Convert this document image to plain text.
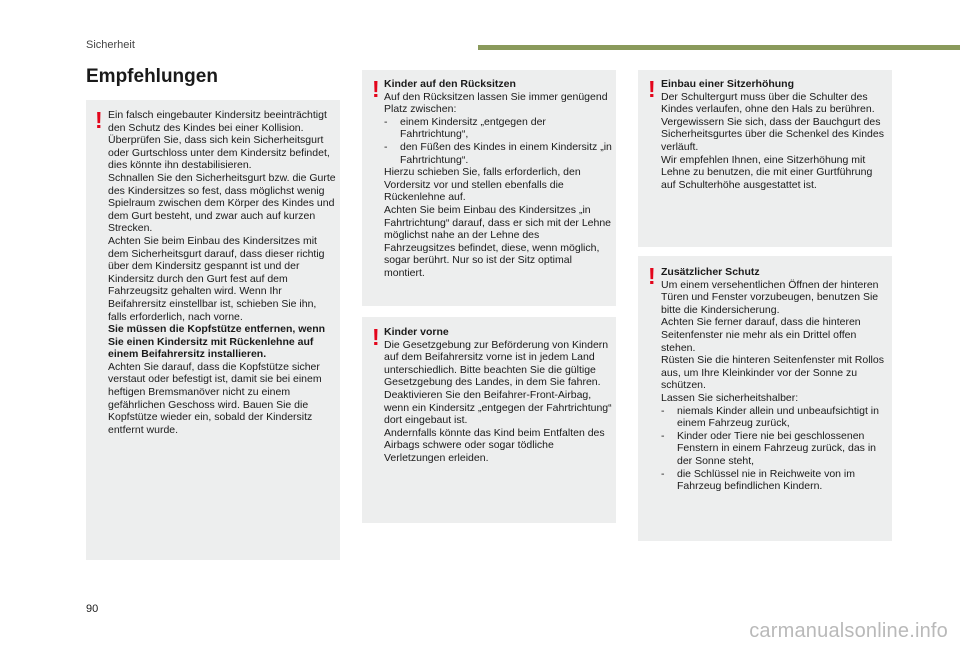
Sicherheit
Empfehlungen
! Ein falsch eingebauter Kindersitz beeinträchtigt den Schutz des Kindes bei einer Kollision.

Überprüfen Sie, dass sich kein Sicherheitsgurt oder Gurtschloss unter dem Kindersitz befindet, dies könnte ihn destabilisieren.

Schnallen Sie den Sicherheitsgurt bzw. die Gurte des Kindersitzes so fest, dass möglichst wenig Spielraum zwischen dem Körper des Kindes und dem Gurt besteht, und zwar auch auf kurzen Strecken.

Achten Sie beim Einbau des Kindersitzes mit dem Sicherheitsgurt darauf, dass dieser richtig über dem Kindersitz gespannt ist und der Kindersitz durch den Gurt fest auf dem Fahrzeugsitz gehalten wird. Wenn Ihr Beifahrersitz einstellbar ist, schieben Sie ihn, falls erforderlich, nach vorne.

Sie müssen die Kopfstütze entfernen, wenn Sie einen Kindersitz mit Rückenlehne auf einem Beifahrersitz installieren.

Achten Sie darauf, dass die Kopfstütze sicher verstaut oder befestigt ist, damit sie bei einem heftigen Bremsmanöver nicht zu einem gefährlichen Geschoss wird. Bauen Sie die Kopfstütze wieder ein, sobald der Kindersitz entfernt wurde.

! Kinder auf den Rücksitzen

Auf den Rücksitzen lassen Sie immer genügend Platz zwischen:

- einem Kindersitz „entgegen der Fahrtrichtung“,
- den Füßen des Kindes in einem Kindersitz „in Fahrtrichtung“.

Hierzu schieben Sie, falls erforderlich, den Vordersitz vor und stellen ebenfalls die Rückenlehne auf.

Achten Sie beim Einbau des Kindersitzes „in Fahrtrichtung“ darauf, dass er sich mit der Lehne möglichst nahe an der Lehne des Fahrzeugsitzes befindet, diese, wenn möglich, sogar berührt. Nur so ist der Sitz optimal montiert.

! Kinder vorne

Die Gesetzgebung zur Beförderung von Kindern auf dem Beifahrersitz vorne ist in jedem Land unterschiedlich. Bitte beachten Sie die gültige Gesetzgebung des Landes, in dem Sie fahren.

Deaktivieren Sie den Beifahrer-Front-Airbag, wenn ein Kindersitz „entgegen der Fahrtrichtung“ dort eingebaut ist.

Andernfalls könnte das Kind beim Entfalten des Airbags schwere oder sogar tödliche Verletzungen erleiden.

! Einbau einer Sitzerhöhung

Der Schultergurt muss über die Schulter des Kindes verlaufen, ohne den Hals zu berühren.

Vergewissern Sie sich, dass der Bauchgurt des Sicherheitsgurtes über die Schenkel des Kindes verläuft.

Wir empfehlen Ihnen, eine Sitzerhöhung mit Lehne zu benutzen, die mit einer Gurtführung auf Schulterhöhe ausgestattet ist.

! Zusätzlicher Schutz

Um einem versehentlichen Öffnen der hinteren Türen und Fenster vorzubeugen, benutzen Sie bitte die Kindersicherung.

Achten Sie ferner darauf, dass die hinteren Seitenfenster nie mehr als ein Drittel offen stehen.

Rüsten Sie die hinteren Seitenfenster mit Rollos aus, um Ihre Kleinkinder vor der Sonne zu schützen.

Lassen Sie sicherheitshalber:

- niemals Kinder allein und unbeaufsichtigt in einem Fahrzeug zurück,
- Kinder oder Tiere nie bei geschlossenen Fenstern in einem Fahrzeug zurück, das in der Sonne steht,
- die Schlüssel nie in Reichweite von im Fahrzeug befindlichen Kindern.
90
carmanualsonline.info
